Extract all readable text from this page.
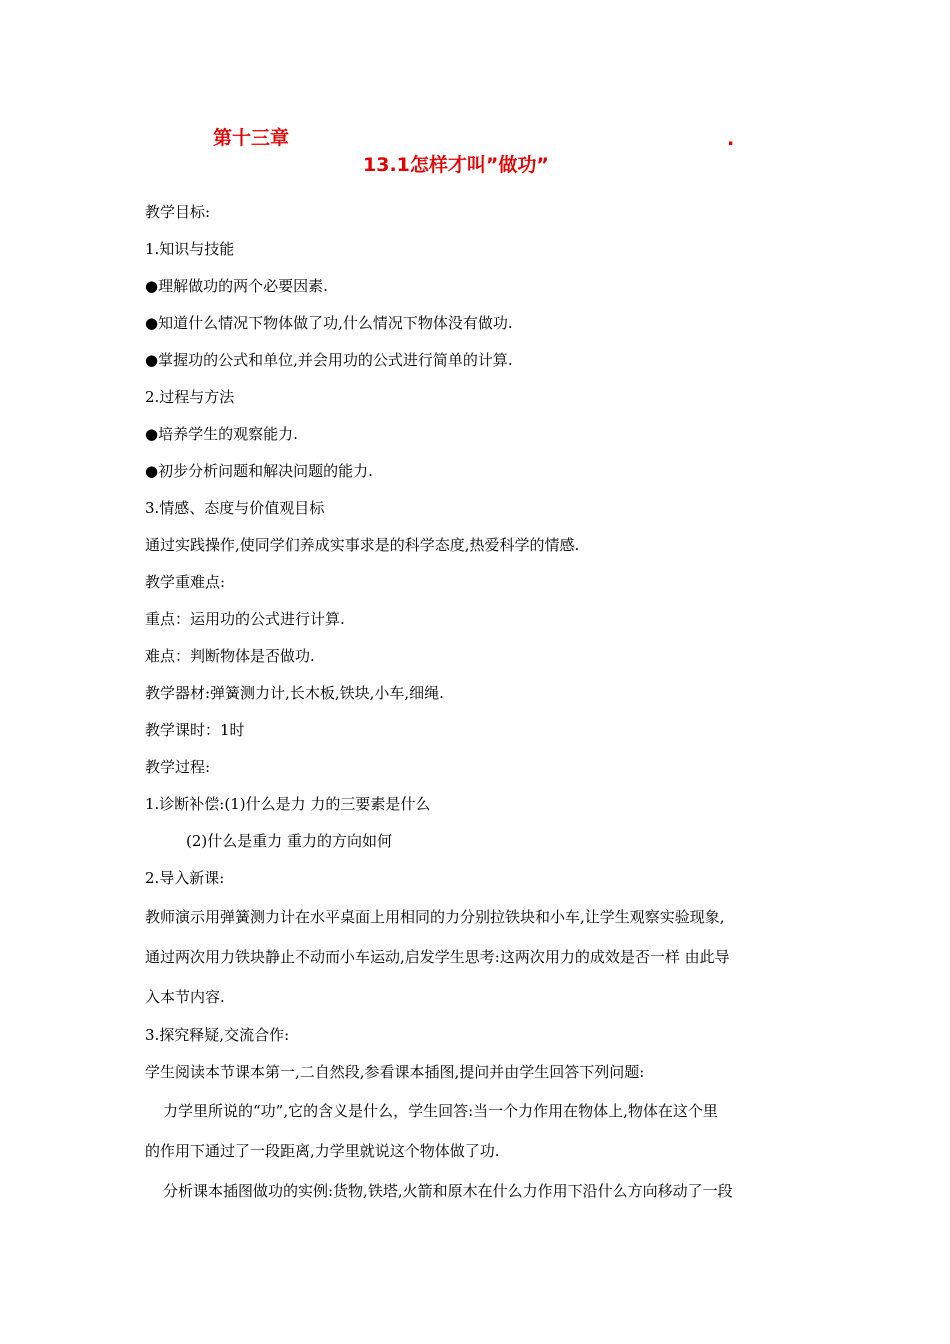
第十三章	.
13.1怎样才叫”做功”
教学目标:
1.知识与技能
●理解做功的两个必要因素.
●知道什么情况下物体做了功,什么情况下物体没有做功.
●掌握功的公式和单位,并会用功的公式进行简单的计算.
2.过程与方法
●培养学生的观察能力.
●初步分析问题和解决问题的能力.
3.情感、态度与价值观目标
通过实践操作,使同学们养成实事求是的科学态度,热爱科学的情感.
教学重难点:
重点：运用功的公式进行计算.
难点：判断物体是否做功.
教学器材:弹簧测力计,长木板,铁块,小车,细绳.
教学课时：1时
教学过程:
1.诊断补偿:(1)什么是力 力的三要素是什么
(2)什么是重力 重力的方向如何
2.导入新课:
教师演示用弹簧测力计在水平桌面上用相同的力分别拉铁块和小车,让学生观察实验现象,
通过两次用力铁块静止不动而小车运动,启发学生思考:这两次用力的成效是否一样 由此导
入本节内容.
3.探究释疑,交流合作:
学生阅读本节课本第一,二自然段,参看课本插图,提问并由学生回答下列问题:
力学里所说的“功”,它的含义是什么，学生回答:当一个力作用在物体上,物体在这个里
的作用下通过了一段距离,力学里就说这个物体做了功.
分析课本插图做功的实例:货物,铁塔,火箭和原木在什么力作用下沿什么方向移动了一段
